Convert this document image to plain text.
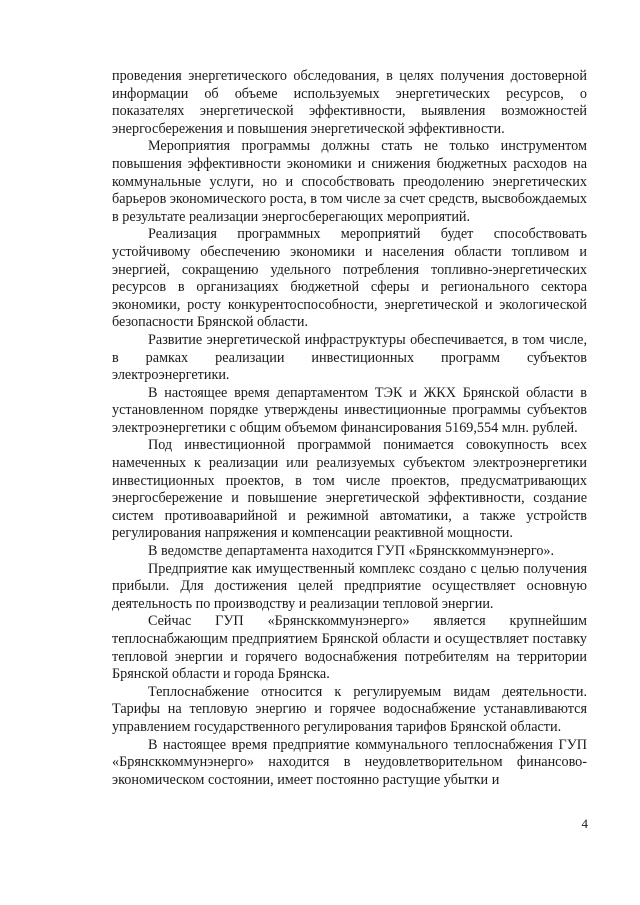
проведения энергетического обследования, в целях получения достоверной информации об объеме используемых энергетических ресурсов, о показателях энергетической эффективности, выявления возможностей энергосбережения и повышения энергетической эффективности.

Мероприятия программы должны стать не только инструментом повышения эффективности экономики и снижения бюджетных расходов на коммунальные услуги, но и способствовать преодолению энергетических барьеров экономического роста, в том числе за счет средств, высвобождаемых в результате реализации энергосберегающих мероприятий.

Реализация программных мероприятий будет способствовать устойчивому обеспечению экономики и населения области топливом и энергией, сокращению удельного потребления топливно-энергетических ресурсов в организациях бюджетной сферы и регионального сектора экономики, росту конкурентоспособности, энергетической и экологической безопасности Брянской области.

Развитие энергетической инфраструктуры обеспечивается, в том числе, в рамках реализации инвестиционных программ субъектов электроэнергетики.

В настоящее время департаментом ТЭК и ЖКХ Брянской области в установленном порядке утверждены инвестиционные программы субъектов электроэнергетики с общим объемом финансирования 5169,554 млн. рублей.

Под инвестиционной программой понимается совокупность всех намеченных к реализации или реализуемых субъектом электроэнергетики инвестиционных проектов, в том числе проектов, предусматривающих энергосбережение и повышение энергетической эффективности, создание систем противоаварийной и режимной автоматики, а также устройств регулирования напряжения и компенсации реактивной мощности.

В ведомстве департамента находится ГУП «Брянсккоммунэнерго».

Предприятие как имущественный комплекс создано с целью получения прибыли. Для достижения целей предприятие осуществляет основную деятельность по производству и реализации тепловой энергии.

Сейчас ГУП «Брянсккоммунэнерго» является крупнейшим теплоснабжающим предприятием Брянской области и осуществляет поставку тепловой энергии и горячего водоснабжения потребителям на территории Брянской области и города Брянска.

Теплоснабжение относится к регулируемым видам деятельности. Тарифы на тепловую энергию и горячее водоснабжение устанавливаются управлением государственного регулирования тарифов Брянской области.

В настоящее время предприятие коммунального теплоснабжения ГУП «Брянсккоммунэнерго» находится в неудовлетворительном финансово-экономическом состоянии, имеет постоянно растущие убытки и

4
